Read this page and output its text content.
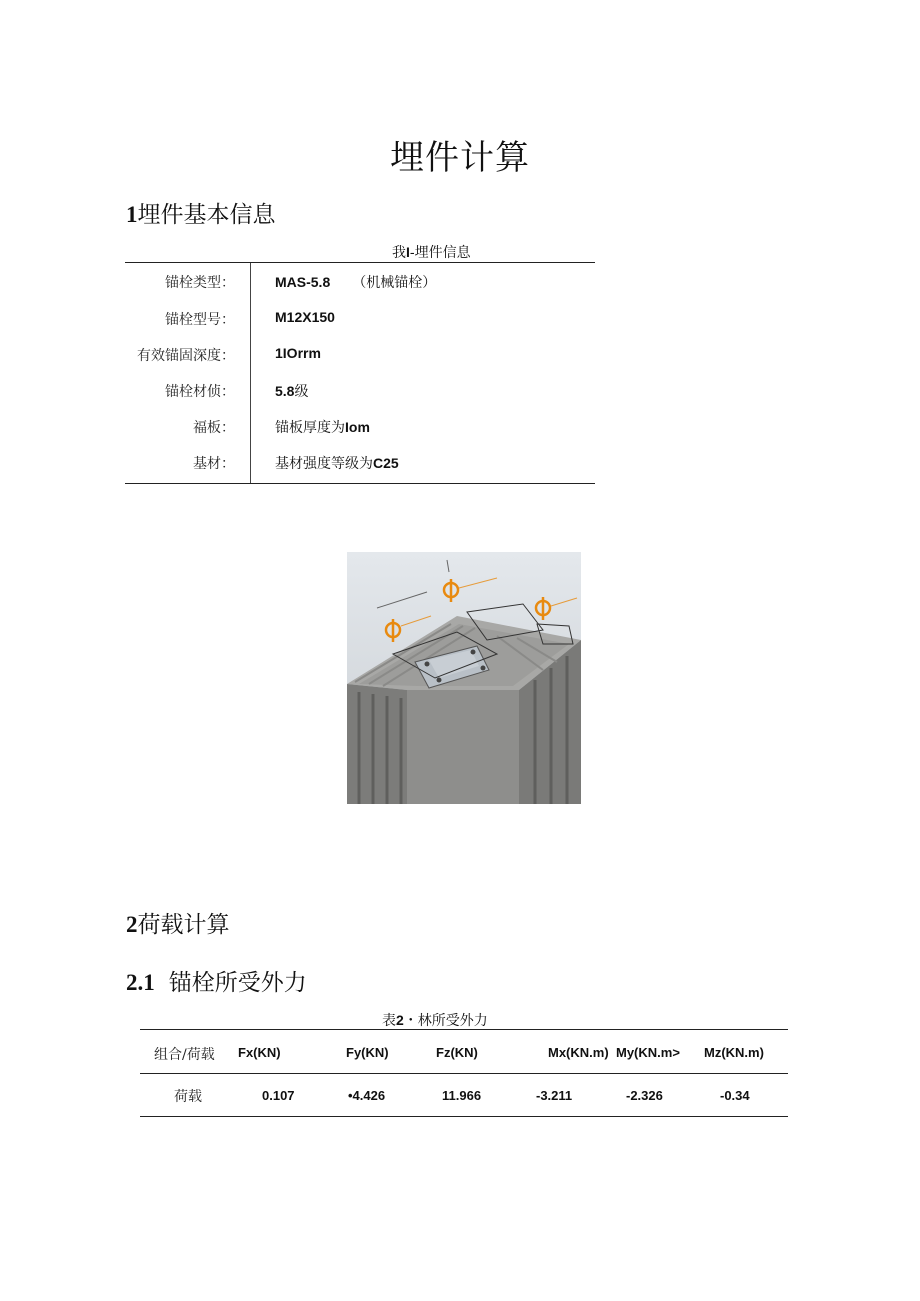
埋件计算
1埋件基本信息
我I-埋件信息
锚栓类型：	MAS-5.8 （机械锚栓）
锚栓型号：	M12X150
有效锚固深度：	1IOrrm
锚栓材侦：	5.8级
福板：	锚板厚度为Iom
基材：	基材强度等级为C25
2荷载计算
2.1 锚栓所受外力
表2・林所受外力
组合/荷载 Fx(KN)	Fy(KN)	Fz(KN)	Mx(KN.m) My(KN.m> Mz(KN.m)
荷载	0.107	•4.426	11.966	-3.211	-2.326	-0.34
